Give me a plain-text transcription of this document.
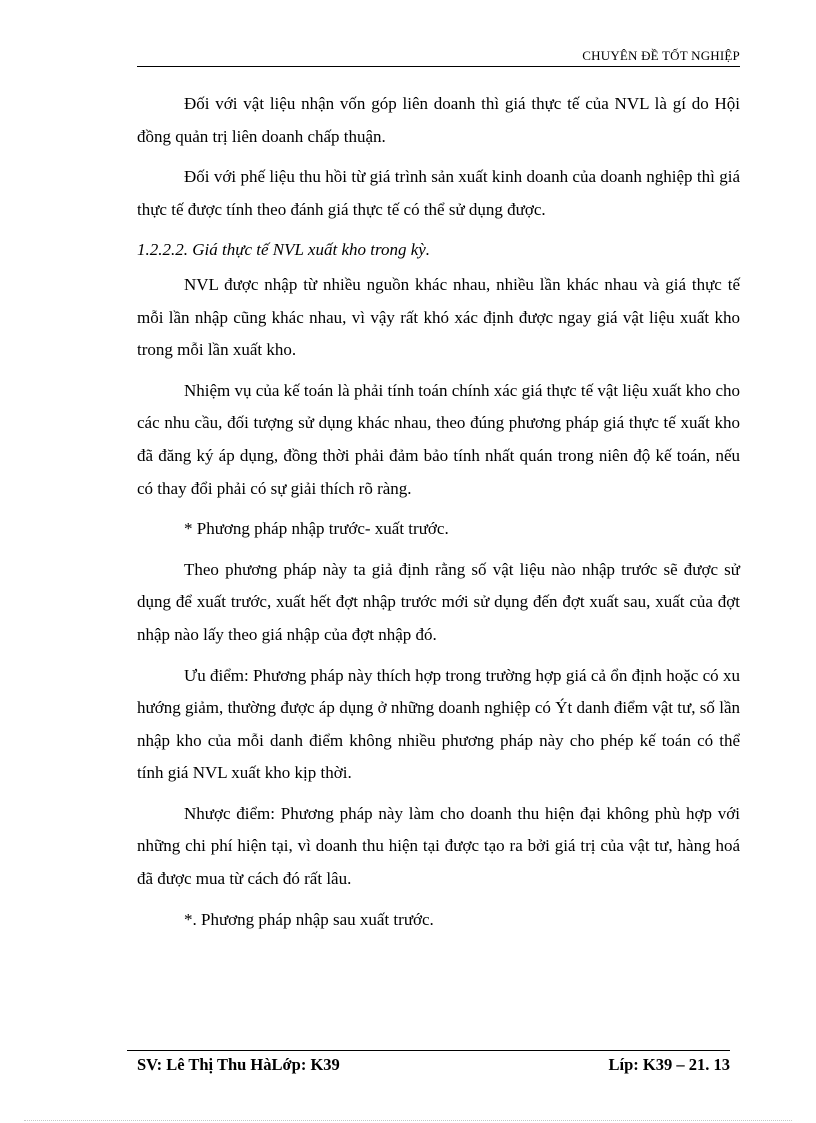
CHUYÊN ĐỀ TỐT NGHIỆP

Đối với vật liệu nhận vốn góp liên doanh thì giá thực tế của NVL là gí do Hội đồng quản trị liên doanh chấp thuận.

Đối với phế liệu thu hồi từ giá trình sản xuất kinh doanh của doanh nghiệp thì giá thực tế được tính theo đánh giá thực tế có thể sử dụng được.

1.2.2.2. Giá thực tế NVL xuất kho trong kỳ.

NVL được nhập từ nhiều nguồn khác nhau, nhiều lần khác nhau và giá thực tế mỗi lần nhập cũng khác nhau, vì vậy rất khó xác định được ngay giá vật liệu xuất kho trong mỗi lần xuất kho.

Nhiệm vụ của kế toán là phải tính toán chính xác giá thực tế vật liệu xuất kho cho các nhu cầu, đối tượng sử dụng khác nhau, theo đúng phương pháp giá thực tế xuất kho đã đăng ký áp dụng, đồng thời phải đảm bảo tính nhất quán trong niên độ kế toán, nếu có thay đổi phải có sự giải thích rõ ràng.

* Phương pháp nhập trước- xuất trước.

Theo phương pháp này ta giả định rằng số vật liệu nào nhập trước sẽ được sử dụng để xuất trước, xuất hết đợt nhập trước mới sử dụng đến đợt xuất sau, xuất của đợt nhập nào lấy theo giá nhập của đợt nhập đó.

Ưu điểm: Phương pháp này thích hợp trong trường hợp giá cả ổn định hoặc có xu hướng giảm, thường được áp dụng ở những doanh nghiệp có Ýt danh điểm vật tư, số lần nhập kho của mỗi danh điểm không nhiều phương pháp này cho phép kế toán có thể tính giá NVL xuất kho kịp thời.

Nhược điểm: Phương pháp này làm cho doanh thu hiện đại không phù hợp với những chi phí hiện tại, vì doanh thu hiện tại được tạo ra bởi giá trị của vật tư, hàng hoá đã được mua từ cách đó rất lâu.

*. Phương pháp nhập sau xuất trước.

SV: Lê Thị Thu HàLớp: K39	Líp: K39 – 21. 13
